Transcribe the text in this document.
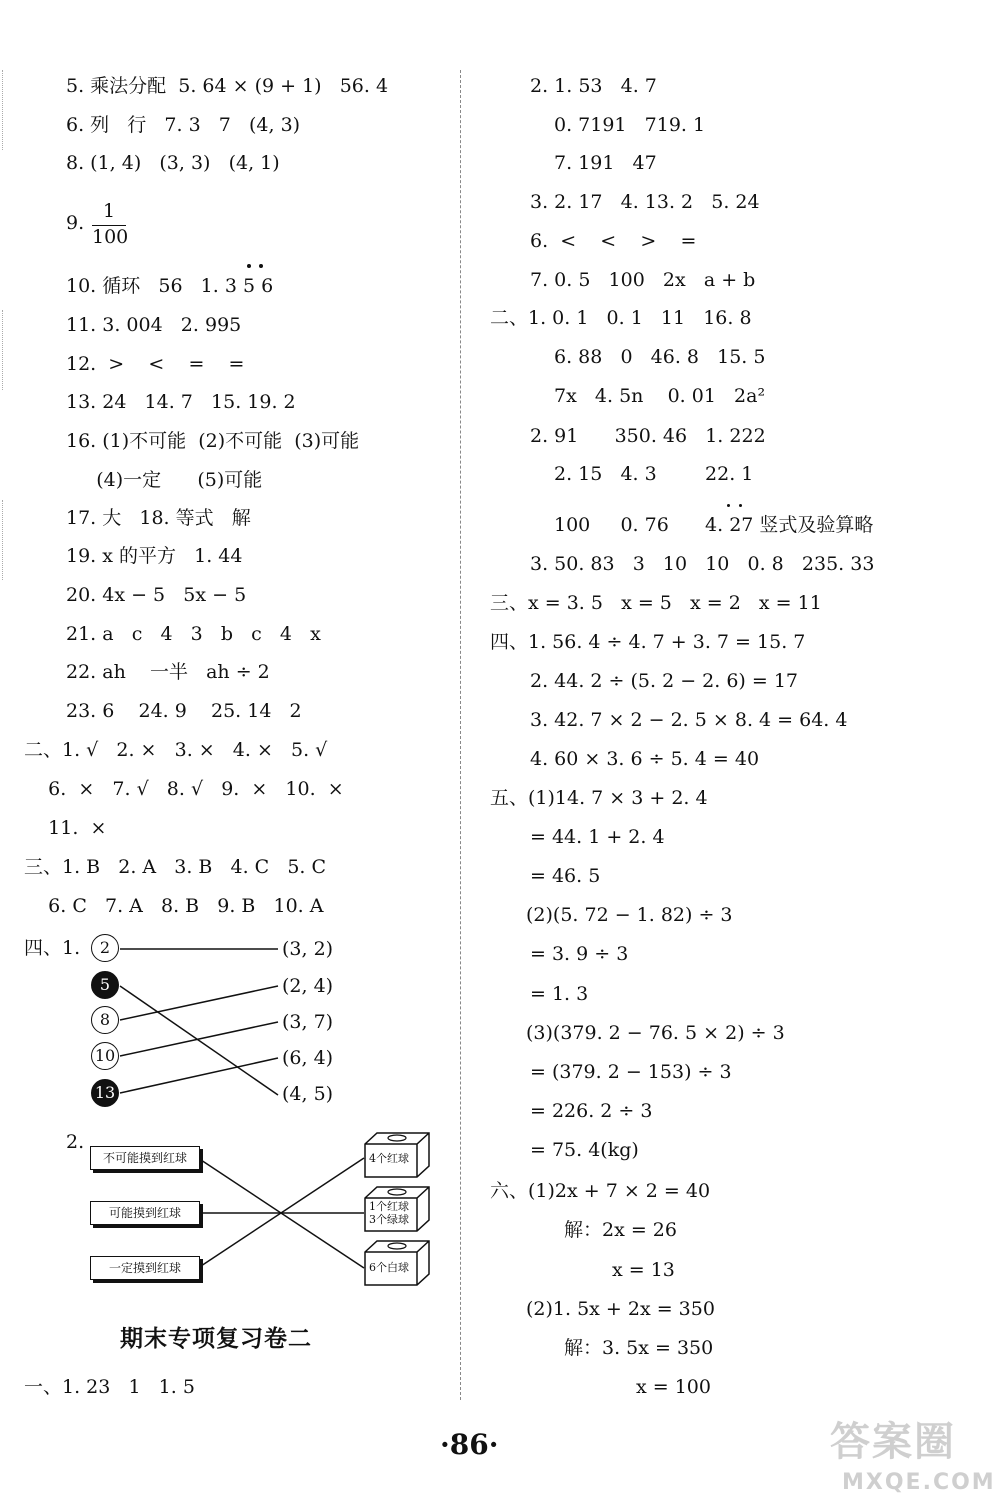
5. 乘法分配  5. 64 × (9 + 1)   56. 4
6. 列   行   7. 3   7   (4, 3)
8. (1, 4)   (3, 3)   (4, 1)
9.
1
100
10. 循环   56   1. 3 5 6
11. 3. 004   2. 995
12.  >    <    =    =
13. 24   14. 7   15. 19. 2
16. (1)不可能  (2)不可能  (3)可能
(4)一定      (5)可能
17. 大   18. 等式   解
19. x 的平方   1. 44
20. 4x − 5   5x − 5
21. a   c   4   3   b   c   4   x
22. ah    一半   ah ÷ 2
23. 6    24. 9    25. 14   2
二、1. √   2. ×   3. ×   4. ×   5. √
6.  ×   7. √   8. √   9.  ×   10.  ×
11.  ×
三、1. B   2. A   3. B   4. C   5. C
6. C   7. A   8. B   9. B   10. A
四、1.	2
5
8
10
13
(3, 2)
(2, 4)
(3, 7)
(6, 4)
(4, 5)
2.
不可能摸到红球
可能摸到红球
一定摸到红球
4个红球
1个红球
3个绿球
6个白球
期末专项复习卷二
一、1. 23   1   1. 5
2. 1. 53   4. 7
0. 7191   719. 1
7. 191   47
3. 2. 17   4. 13. 2   5. 24
6.  <    <    >    =
7. 0. 5   100   2x   a + b
二、1. 0. 1   0. 1   11   16. 8
6. 88   0   46. 8   15. 5
7x   4. 5n    0. 01   2a²
2. 91      350. 46   1. 222
2. 15   4. 3        22. 1
100     0. 76      4. 27 竖式及验算略
3. 50. 83   3   10   10   0. 8   235. 33
三、x = 3. 5   x = 5   x = 2   x = 11
四、1. 56. 4 ÷ 4. 7 + 3. 7 = 15. 7
2. 44. 2 ÷ (5. 2 − 2. 6) = 17
3. 42. 7 × 2 − 2. 5 × 8. 4 = 64. 4
4. 60 × 3. 6 ÷ 5. 4 = 40
五、(1)14. 7 × 3 + 2. 4
= 44. 1 + 2. 4
= 46. 5
(2)(5. 72 − 1. 82) ÷ 3
= 3. 9 ÷ 3
= 1. 3
(3)(379. 2 − 76. 5 × 2) ÷ 3
= (379. 2 − 153) ÷ 3
= 226. 2 ÷ 3
= 75. 4(kg)
六、(1)2x + 7 × 2 = 40
解：2x = 26
x = 13
(2)1. 5x + 2x = 350
解：3. 5x = 350
x = 100
·86·	答案圈
MXQE.COM
